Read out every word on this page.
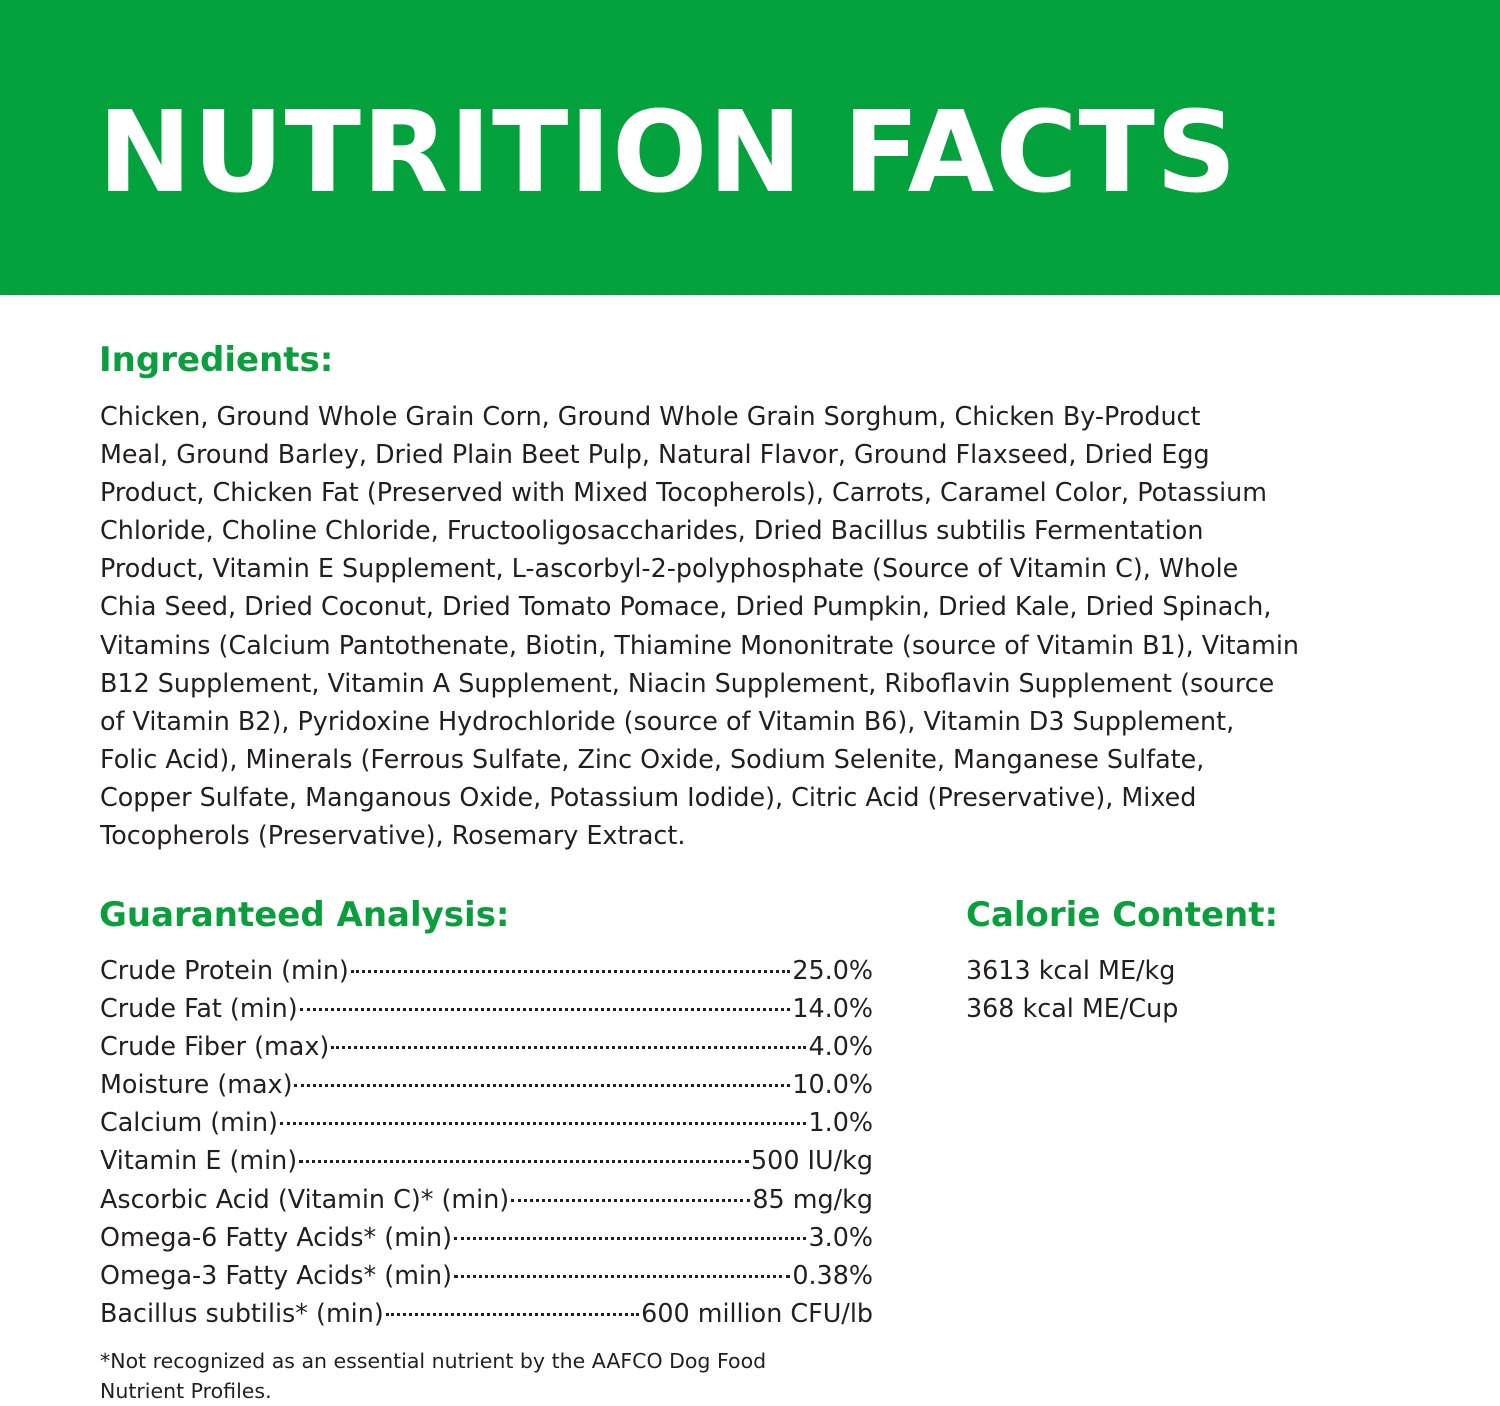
NUTRITION FACTS
Ingredients:

Chicken, Ground Whole Grain Corn, Ground Whole Grain Sorghum, Chicken By-Product
Meal, Ground Barley, Dried Plain Beet Pulp, Natural Flavor, Ground Flaxseed, Dried Egg
Product, Chicken Fat (Preserved with Mixed Tocopherols), Carrots, Caramel Color, Potassium
Chloride, Choline Chloride, Fructooligosaccharides, Dried Bacillus subtilis Fermentation
Product, Vitamin E Supplement, L-ascorbyl-2-polyphosphate (Source of Vitamin C), Whole
Chia Seed, Dried Coconut, Dried Tomato Pomace, Dried Pumpkin, Dried Kale, Dried Spinach,
Vitamins (Calcium Pantothenate, Biotin, Thiamine Mononitrate (source of Vitamin B1), Vitamin
B12 Supplement, Vitamin A Supplement, Niacin Supplement, Riboflavin Supplement (source
of Vitamin B2), Pyridoxine Hydrochloride (source of Vitamin B6), Vitamin D3 Supplement,
Folic Acid), Minerals (Ferrous Sulfate, Zinc Oxide, Sodium Selenite, Manganese Sulfate,
Copper Sulfate, Manganous Oxide, Potassium Iodide), Citric Acid (Preservative), Mixed
Tocopherols (Preservative), Rosemary Extract.

Guaranteed Analysis:
Crude Protein (min)	25.0%
Crude Fat (min)	14.0%
Crude Fiber (max)	4.0%
Moisture (max)	10.0%
Calcium (min)	1.0%
Vitamin E (min)	500 IU/kg
Ascorbic Acid (Vitamin C)* (min)	85 mg/kg
Omega-6 Fatty Acids* (min)	3.0%
Omega-3 Fatty Acids* (min)	0.38%
Bacillus subtilis* (min)	600 million CFU/lb
Calorie Content:
3613 kcal ME/kg
368 kcal ME/Cup

*Not recognized as an essential nutrient by the AAFCO Dog Food
Nutrient Profiles.
